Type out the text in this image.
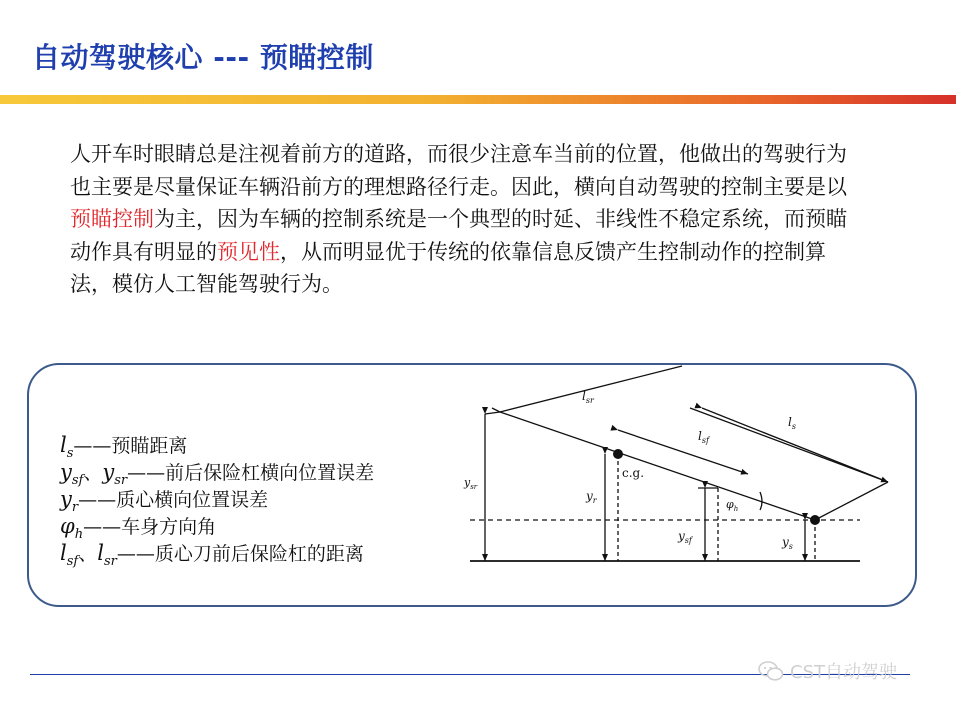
自动驾驶核心 --- 预瞄控制
人开车时眼睛总是注视着前方的道路，而很少注意车当前的位置，他做出的驾驶行为也主要是尽量保证车辆沿前方的理想路径行走。因此，横向自动驾驶的控制主要是以预瞄控制为主，因为车辆的控制系统是一个典型的时延、非线性不稳定系统，而预瞄动作具有明显的预见性，从而明显优于传统的依靠信息反馈产生控制动作的控制算法，模仿人工智能驾驶行为。
$l_s——$预瞄距离
$y_{sf}$、$y_{sr}——$前后保险杠横向位置误差
$y_r——$质心横向位置误差
$\varphi_h——$车身方向角
$l_{sf}$、$l_{sr}——$质心刀前后保险杠的距离
$l_{sr}$
$l_s$
$l_{sf}$
c.g.
$y_{sr}$
$y_r$
$y_{sf}$	$y_s$
$\varphi_h$
CST自动驾驶
